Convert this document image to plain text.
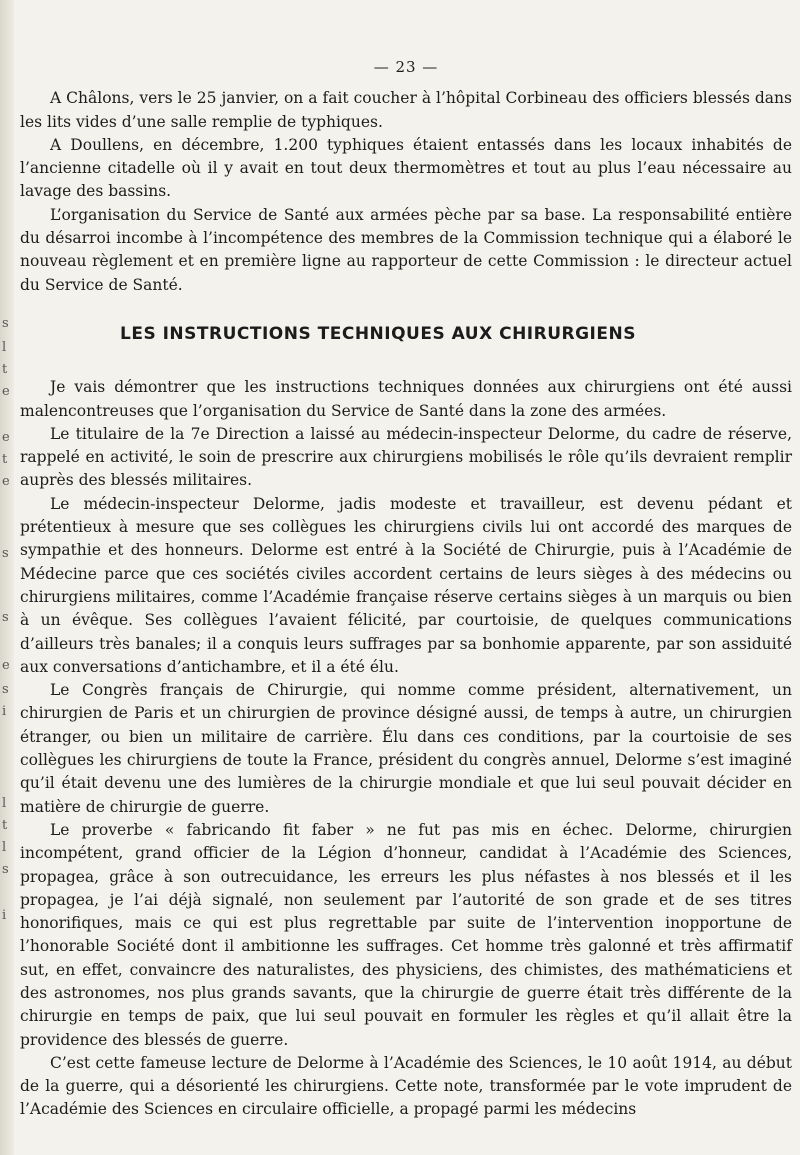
s
l
t
e
e
t
e
s
s
e
s
i
l
t
l
s
i
— 23 —

A Châlons, vers le 25 janvier, on a fait coucher à l’hôpital Corbineau des officiers blessés dans les lits vides d’une salle remplie de typhiques.

A Doullens, en décembre, 1.200 typhiques étaient entassés dans les locaux inhabités de l’ancienne citadelle où il y avait en tout deux thermomètres et tout au plus l’eau nécessaire au lavage des bassins.

L’organisation du Service de Santé aux armées pèche par sa base. La responsabilité entière du désarroi incombe à l’incompétence des membres de la Commission technique qui a élaboré le nouveau règlement et en première ligne au rapporteur de cette Commission : le directeur actuel du Service de Santé.

LES INSTRUCTIONS TECHNIQUES AUX CHIRURGIENS

Je vais démontrer que les instructions techniques données aux chirurgiens ont été aussi malencontreuses que l’organisation du Service de Santé dans la zone des armées.

Le titulaire de la 7e Direction a laissé au médecin-inspecteur Delorme, du cadre de réserve, rappelé en activité, le soin de prescrire aux chirurgiens mobilisés le rôle qu’ils devraient remplir auprès des blessés militaires.

Le médecin-inspecteur Delorme, jadis modeste et travailleur, est devenu pédant et prétentieux à mesure que ses collègues les chirurgiens civils lui ont accordé des marques de sympathie et des honneurs. Delorme est entré à la Société de Chirurgie, puis à l’Académie de Médecine parce que ces sociétés civiles accordent certains de leurs sièges à des médecins ou chirurgiens militaires, comme l’Académie française réserve certains sièges à un marquis ou bien à un évêque. Ses collègues l’avaient félicité, par courtoisie, de quelques communications d’ailleurs très banales; il a conquis leurs suffrages par sa bonhomie apparente, par son assiduité aux conversations d’antichambre, et il a été élu.

Le Congrès français de Chirurgie, qui nomme comme président, alternativement, un chirurgien de Paris et un chirurgien de province désigné aussi, de temps à autre, un chirurgien étranger, ou bien un militaire de carrière. Élu dans ces conditions, par la courtoisie de ses collègues les chirurgiens de toute la France, président du congrès annuel, Delorme s’est imaginé qu’il était devenu une des lumières de la chirurgie mondiale et que lui seul pouvait décider en matière de chirurgie de guerre.

Le proverbe « fabricando fit faber » ne fut pas mis en échec. Delorme, chirurgien incompétent, grand officier de la Légion d’honneur, candidat à l’Académie des Sciences, propagea, grâce à son outrecuidance, les erreurs les plus néfastes à nos blessés et il les propagea, je l’ai déjà signalé, non seulement par l’autorité de son grade et de ses titres honorifiques, mais ce qui est plus regrettable par suite de l’intervention inopportune de l’honorable Société dont il ambitionne les suffrages. Cet homme très galonné et très affirmatif sut, en effet, convaincre des naturalistes, des physiciens, des chimistes, des mathématiciens et des astronomes, nos plus grands savants, que la chirurgie de guerre était très différente de la chirurgie en temps de paix, que lui seul pouvait en formuler les règles et qu’il allait être la providence des blessés de guerre.

C’est cette fameuse lecture de Delorme à l’Académie des Sciences, le 10 août 1914, au début de la guerre, qui a désorienté les chirurgiens. Cette note, transformée par le vote imprudent de l’Académie des Sciences en circulaire officielle, a propagé parmi les médecins
